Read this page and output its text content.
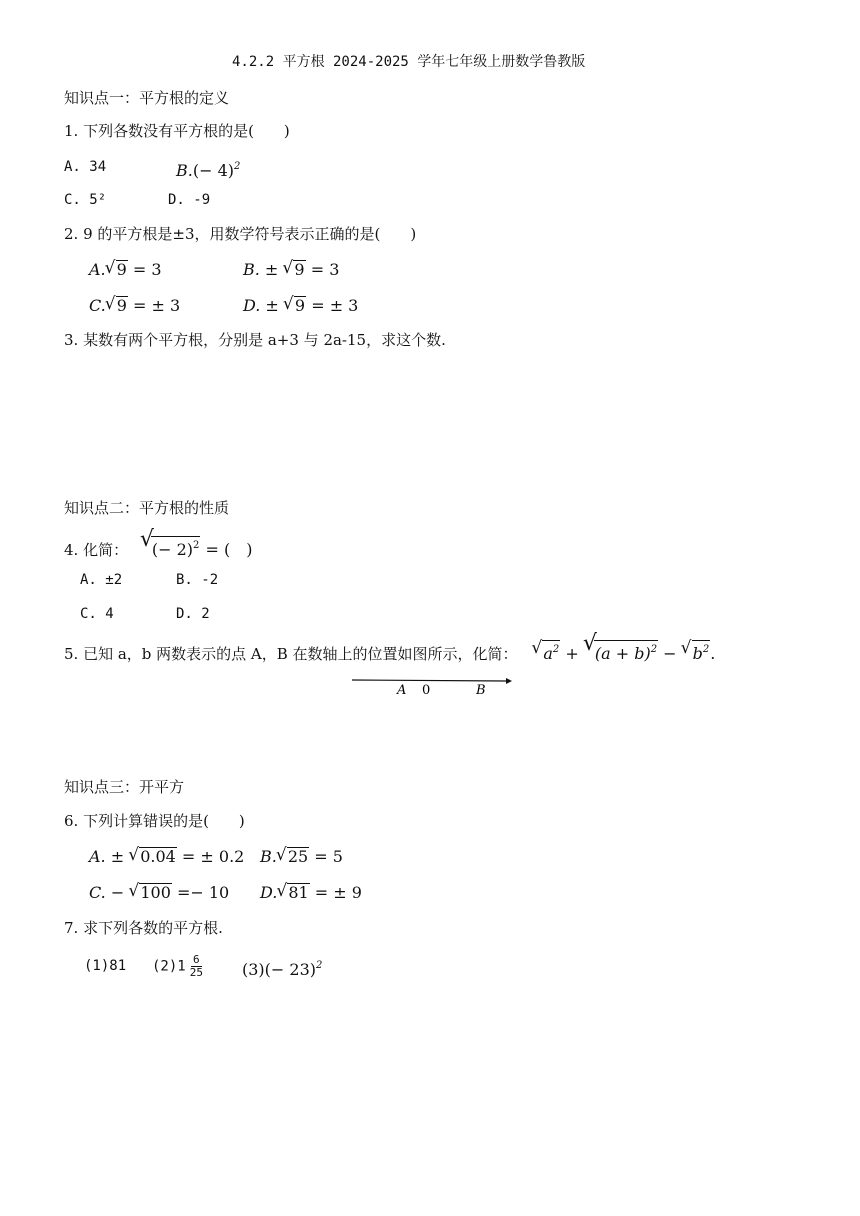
4.2.2 平方根 2024-2025 学年七年级上册数学鲁教版
知识点一：平方根的定义
1. 下列各数没有平方根的是(　　)
A. 34	$B.(- 4)^2$
C. 5²	D. -9
2. 9 的平方根是±3，用数学符号表示正确的是(　　)
A. √ 9 = 3	B. ± √ 9 = 3
C. √ 9 = ± 3	D. ± √ 9 = ± 3
3. 某数有两个平方根，分别是 a+3 与 2a-15，求这个数.
知识点二：平方根的性质
4. 化简： √ (− 2)$^2$ = (　)
A. ±2	B. -2
C. 4	D. 2
5. 已知 a，b 两数表示的点 A，B 在数轴上的位置如图所示，化简： √ $a^2$ + √ $(a + b)^2$ − √ $b^2$.
A 0	B
知识点三：开平方
6. 下列计算错误的是(　　)
A. ± √ 0.04 = ± 0.2 B. √ 25 = 5
C. − √ 100 =− 10 D. √ 81 = ± 9
7. 求下列各数的平方根.
(1)81 $(2)1 \frac{6}{25} (3)(- 23)^2$
